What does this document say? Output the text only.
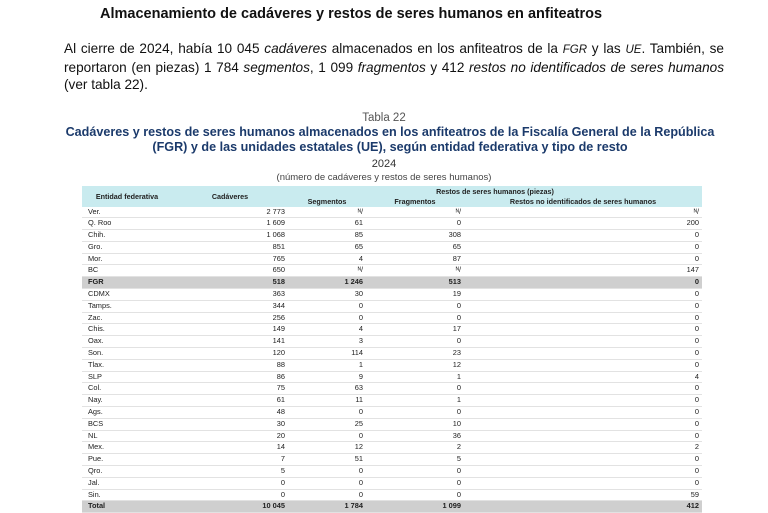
Almacenamiento de cadáveres y restos de seres humanos en anfiteatros
Al cierre de 2024, había 10 045 cadáveres almacenados en los anfiteatros de la FGR y las UE. También, se reportaron (en piezas) 1 784 segmentos, 1 099 fragmentos y 412 restos no identificados de seres humanos (ver tabla 22).
Tabla 22
Cadáveres y restos de seres humanos almacenados en los anfiteatros de la Fiscalía General de la República (FGR) y de las unidades estatales (UE), según entidad federativa y tipo de resto
2024
(número de cadáveres y restos de seres humanos)
Entidad federativa	Cadáveres	Restos de seres humanos (piezas)		
		Segmentos	Fragmentos	Restos no identificados de seres humanos
Ver.	2 773	ᴺ/	ᴺ/	ᴺ/
Q. Roo	1 609	61	0	200
Chih.	1 068	85	308	0
Gro.	851	65	65	0
Mor.	765	4	87	0
BC	650	ᴺ/	ᴺ/	147
FGR	518	1 246	513	0
CDMX	363	30	19	0
Tamps.	344	0	0	0
Zac.	256	0	0	0
Chis.	149	4	17	0
Oax.	141	3	0	0
Son.	120	114	23	0
Tlax.	88	1	12	0
SLP	86	9	1	4
Col.	75	63	0	0
Nay.	61	11	1	0
Ags.	48	0	0	0
BCS	30	25	10	0
NL	20	0	36	0
Mex.	14	12	2	2
Pue.	7	51	5	0
Qro.	5	0	0	0
Jal.	0	0	0	0
Sin.	0	0	0	59
Total	10 045	1 784	1 099	412
